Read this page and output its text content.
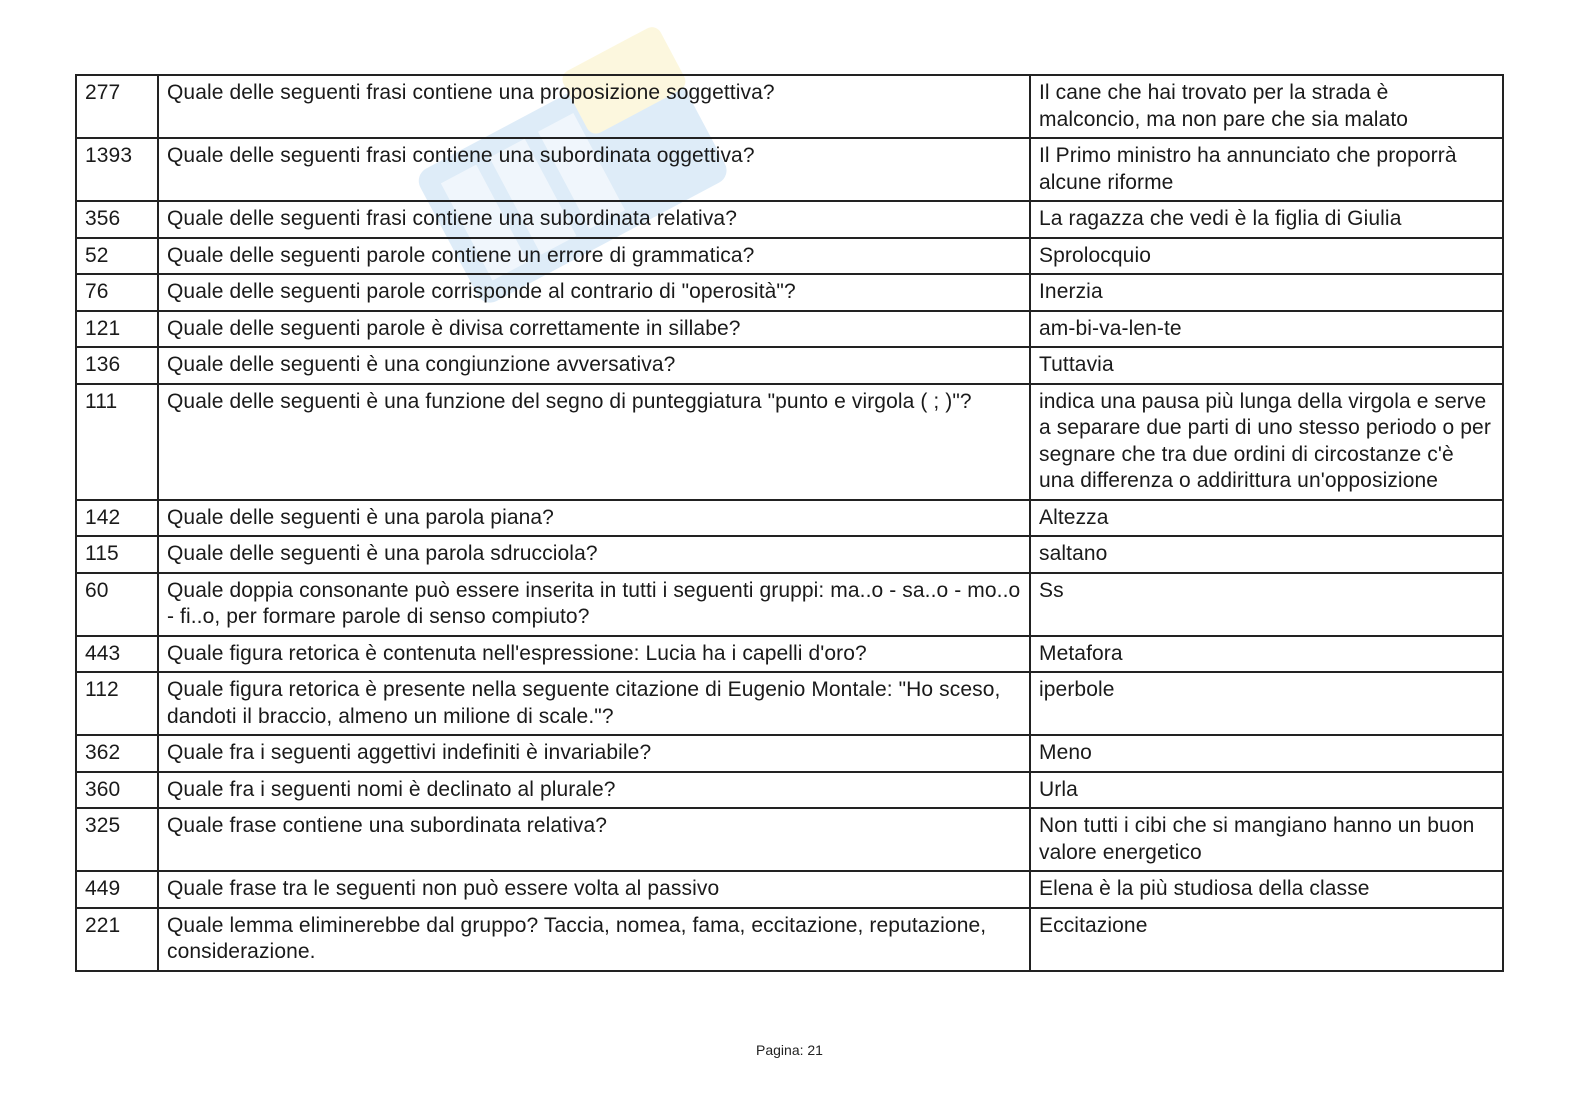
277	Quale delle seguenti frasi contiene una proposizione soggettiva?	Il cane che hai trovato per la strada è malconcio, ma non pare che sia malato
1393	Quale delle seguenti frasi contiene una subordinata oggettiva?	Il Primo ministro ha annunciato che proporrà alcune riforme
356	Quale delle seguenti frasi contiene una subordinata relativa?	La ragazza che vedi è la figlia di Giulia
52	Quale delle seguenti parole contiene un errore di grammatica?	Sprolocquio
76	Quale delle seguenti parole corrisponde al contrario di "operosità"?	Inerzia
121	Quale delle seguenti parole è divisa correttamente in sillabe?	am-bi-va-len-te
136	Quale delle seguenti è una congiunzione avversativa?	Tuttavia
111	Quale delle seguenti è una funzione del segno di punteggiatura "punto e virgola ( ; )"?	indica una pausa più lunga della virgola e serve a separare due parti di uno stesso periodo o per segnare che tra due ordini di circostanze c'è una differenza o addirittura un'opposizione
142	Quale delle seguenti è una parola piana?	Altezza
115	Quale delle seguenti è una parola sdrucciola?	saltano
60	Quale doppia consonante può essere inserita in tutti i seguenti gruppi: ma..o - sa..o - mo..o - fi..o, per formare parole di senso compiuto?	Ss
443	Quale figura retorica è contenuta nell'espressione: Lucia ha i capelli d'oro?	Metafora
112	Quale figura retorica è presente nella seguente citazione di Eugenio Montale: "Ho sceso, dandoti il braccio, almeno un milione di scale."?	iperbole
362	Quale fra i seguenti aggettivi indefiniti è invariabile?	Meno
360	Quale fra i seguenti nomi è declinato al plurale?	Urla
325	Quale frase contiene una subordinata relativa?	Non tutti i cibi che si mangiano hanno un buon valore energetico
449	Quale frase tra le seguenti non può essere volta al passivo	Elena è la più studiosa della classe
221	Quale lemma eliminerebbe dal gruppo? Taccia, nomea, fama, eccitazione, reputazione, considerazione.	Eccitazione
Pagina: 21
